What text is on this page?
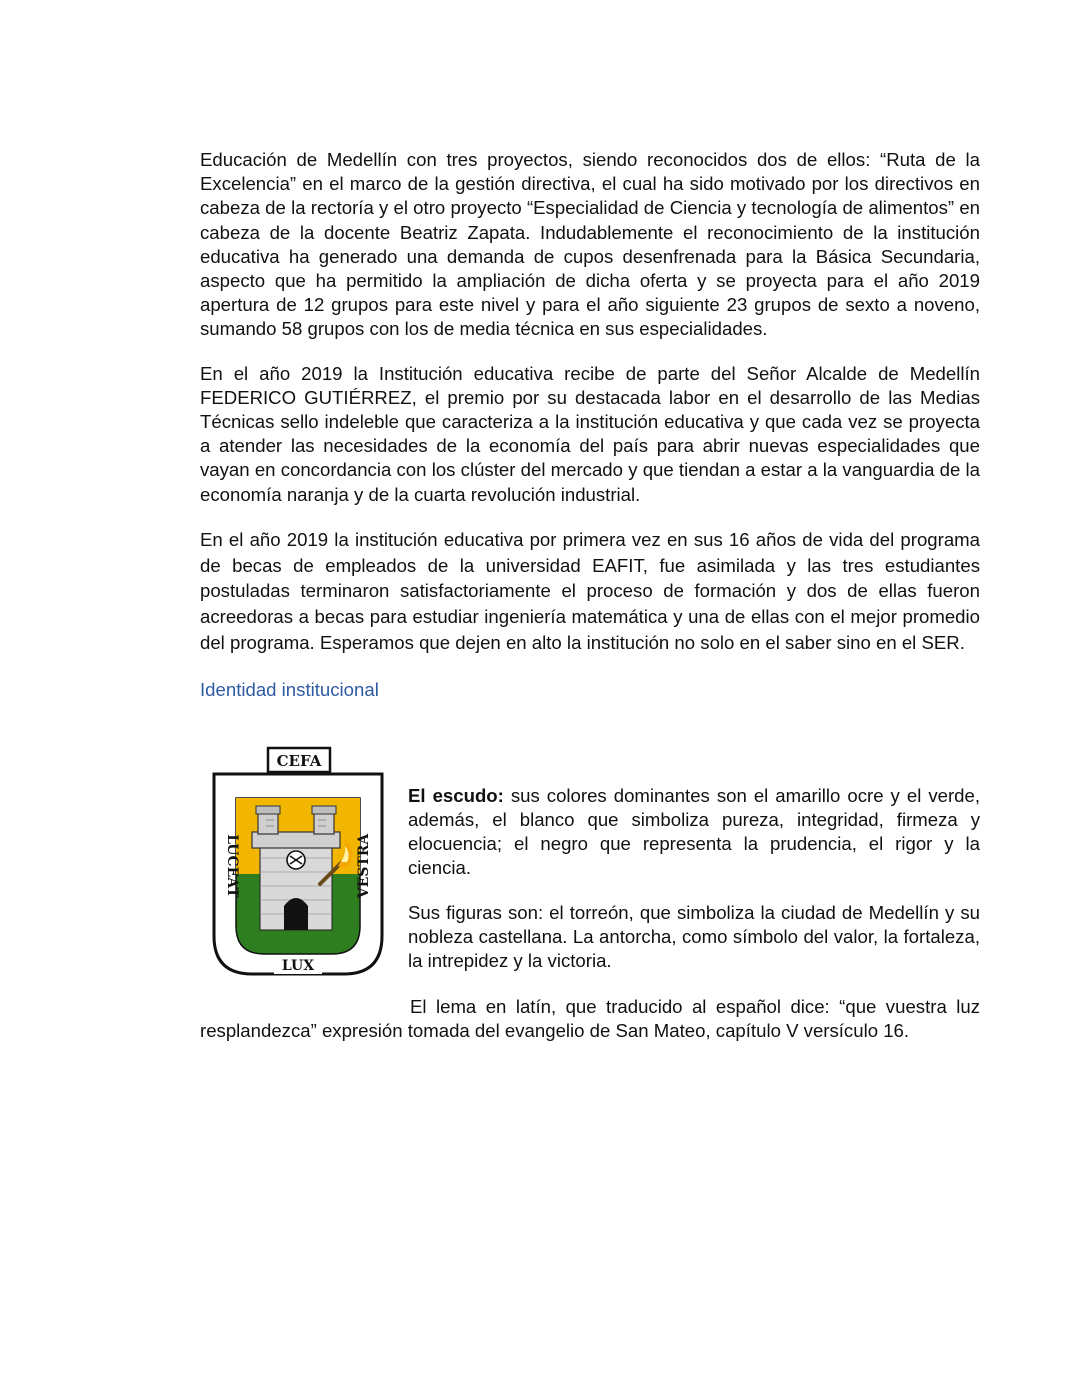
Educación de Medellín con tres proyectos, siendo reconocidos dos de ellos: “Ruta de la Excelencia” en el marco de la gestión directiva, el cual ha sido motivado por los directivos en cabeza de la rectoría y el otro proyecto “Especialidad de Ciencia y tecnología de alimentos” en cabeza de la docente Beatriz Zapata. Indudablemente el reconocimiento de la institución educativa ha generado una demanda de cupos desenfrenada para la Básica Secundaria, aspecto que ha permitido la ampliación de dicha oferta y se proyecta para el año 2019 apertura de 12 grupos para este nivel y para el año siguiente 23 grupos de sexto a noveno, sumando 58 grupos con los de media técnica en sus especialidades.

En el año 2019 la Institución educativa recibe de parte del Señor Alcalde de Medellín FEDERICO GUTIÉRREZ, el premio por su destacada labor en el desarrollo de las Medias Técnicas sello indeleble que caracteriza a la institución educativa y que cada vez se proyecta a atender las necesidades de la economía del país para abrir nuevas especialidades que vayan en concordancia con los clúster del mercado y que tiendan a estar a la vanguardia de la economía naranja y de la cuarta revolución industrial.

En el año 2019 la institución educativa por primera vez en sus 16 años de vida del programa de becas de empleados de la universidad EAFIT, fue asimilada y las tres estudiantes postuladas terminaron satisfactoriamente el proceso de formación y dos de ellas fueron acreedoras a becas para estudiar ingeniería matemática y una de ellas con el mejor promedio del programa. Esperamos que dejen en alto la institución no solo en el saber sino en el SER.

Identidad institucional
CEFA
LUCEAT	VESTRA
LUX

El escudo: sus colores dominantes son el amarillo ocre y el verde, además, el blanco que simboliza pureza, integridad, firmeza y elocuencia; el negro que representa la prudencia, el rigor y la ciencia.

Sus figuras son: el torreón, que simboliza la ciudad de Medellín y su nobleza castellana. La antorcha, como símbolo del valor, la fortaleza, la intrepidez y la victoria.

El lema en latín, que traducido al español dice: “que vuestra luz resplandezca” expresión tomada del evangelio de San Mateo, capítulo V versículo 16.
